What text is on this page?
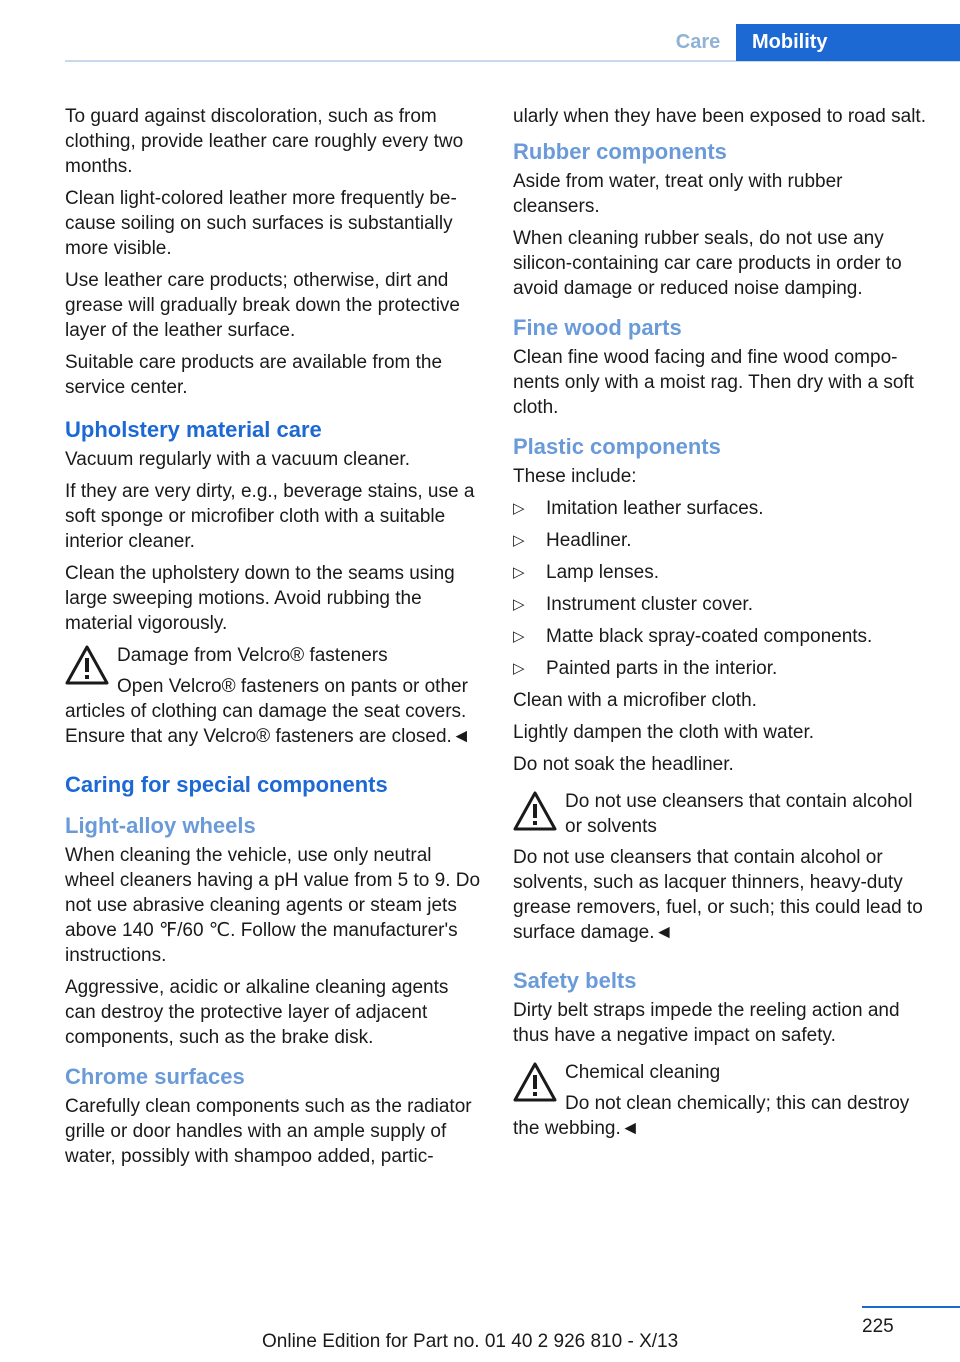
Care	Mobility

To guard against discoloration, such as from clothing, provide leather care roughly every two months.

Clean light-colored leather more frequently because soiling on such surfaces is substantially more visible.

Use leather care products; otherwise, dirt and grease will gradually break down the protective layer of the leather surface.

Suitable care products are available from the service center.

Upholstery material care

Vacuum regularly with a vacuum cleaner.

If they are very dirty, e.g., beverage stains, use a soft sponge or microfiber cloth with a suitable interior cleaner.

Clean the upholstery down to the seams using large sweeping motions. Avoid rubbing the material vigorously.

Damage from Velcro® fasteners

Open Velcro® fasteners on pants or other articles of clothing can damage the seat covers. Ensure that any Velcro® fasteners are closed.◄

Caring for special components
Light-alloy wheels

When cleaning the vehicle, use only neutral wheel cleaners having a pH value from 5 to 9. Do not use abrasive cleaning agents or steam jets above 140 ℉/60 ℃. Follow the manufacturer's instructions.

Aggressive, acidic or alkaline cleaning agents can destroy the protective layer of adjacent components, such as the brake disk.

Chrome surfaces

Carefully clean components such as the radiator grille or door handles with an ample supply of water, possibly with shampoo added, partic-

ularly when they have been exposed to road salt.

Rubber components

Aside from water, treat only with rubber cleansers.

When cleaning rubber seals, do not use any silicon-containing car care products in order to avoid damage or reduced noise damping.

Fine wood parts

Clean fine wood facing and fine wood components only with a moist rag. Then dry with a soft cloth.

Plastic components

These include:

▷ Imitation leather surfaces.
▷ Headliner.
▷ Lamp lenses.
▷ Instrument cluster cover.
▷ Matte black spray-coated components.
▷ Painted parts in the interior.

Clean with a microfiber cloth.

Lightly dampen the cloth with water.

Do not soak the headliner.

Do not use cleansers that contain alcohol or solvents

Do not use cleansers that contain alcohol or solvents, such as lacquer thinners, heavy-duty grease removers, fuel, or such; this could lead to surface damage.◄

Safety belts

Dirty belt straps impede the reeling action and thus have a negative impact on safety.

Chemical cleaning

Do not clean chemically; this can destroy the webbing.◄

225
Online Edition for Part no. 01 40 2 926 810 - X/13
